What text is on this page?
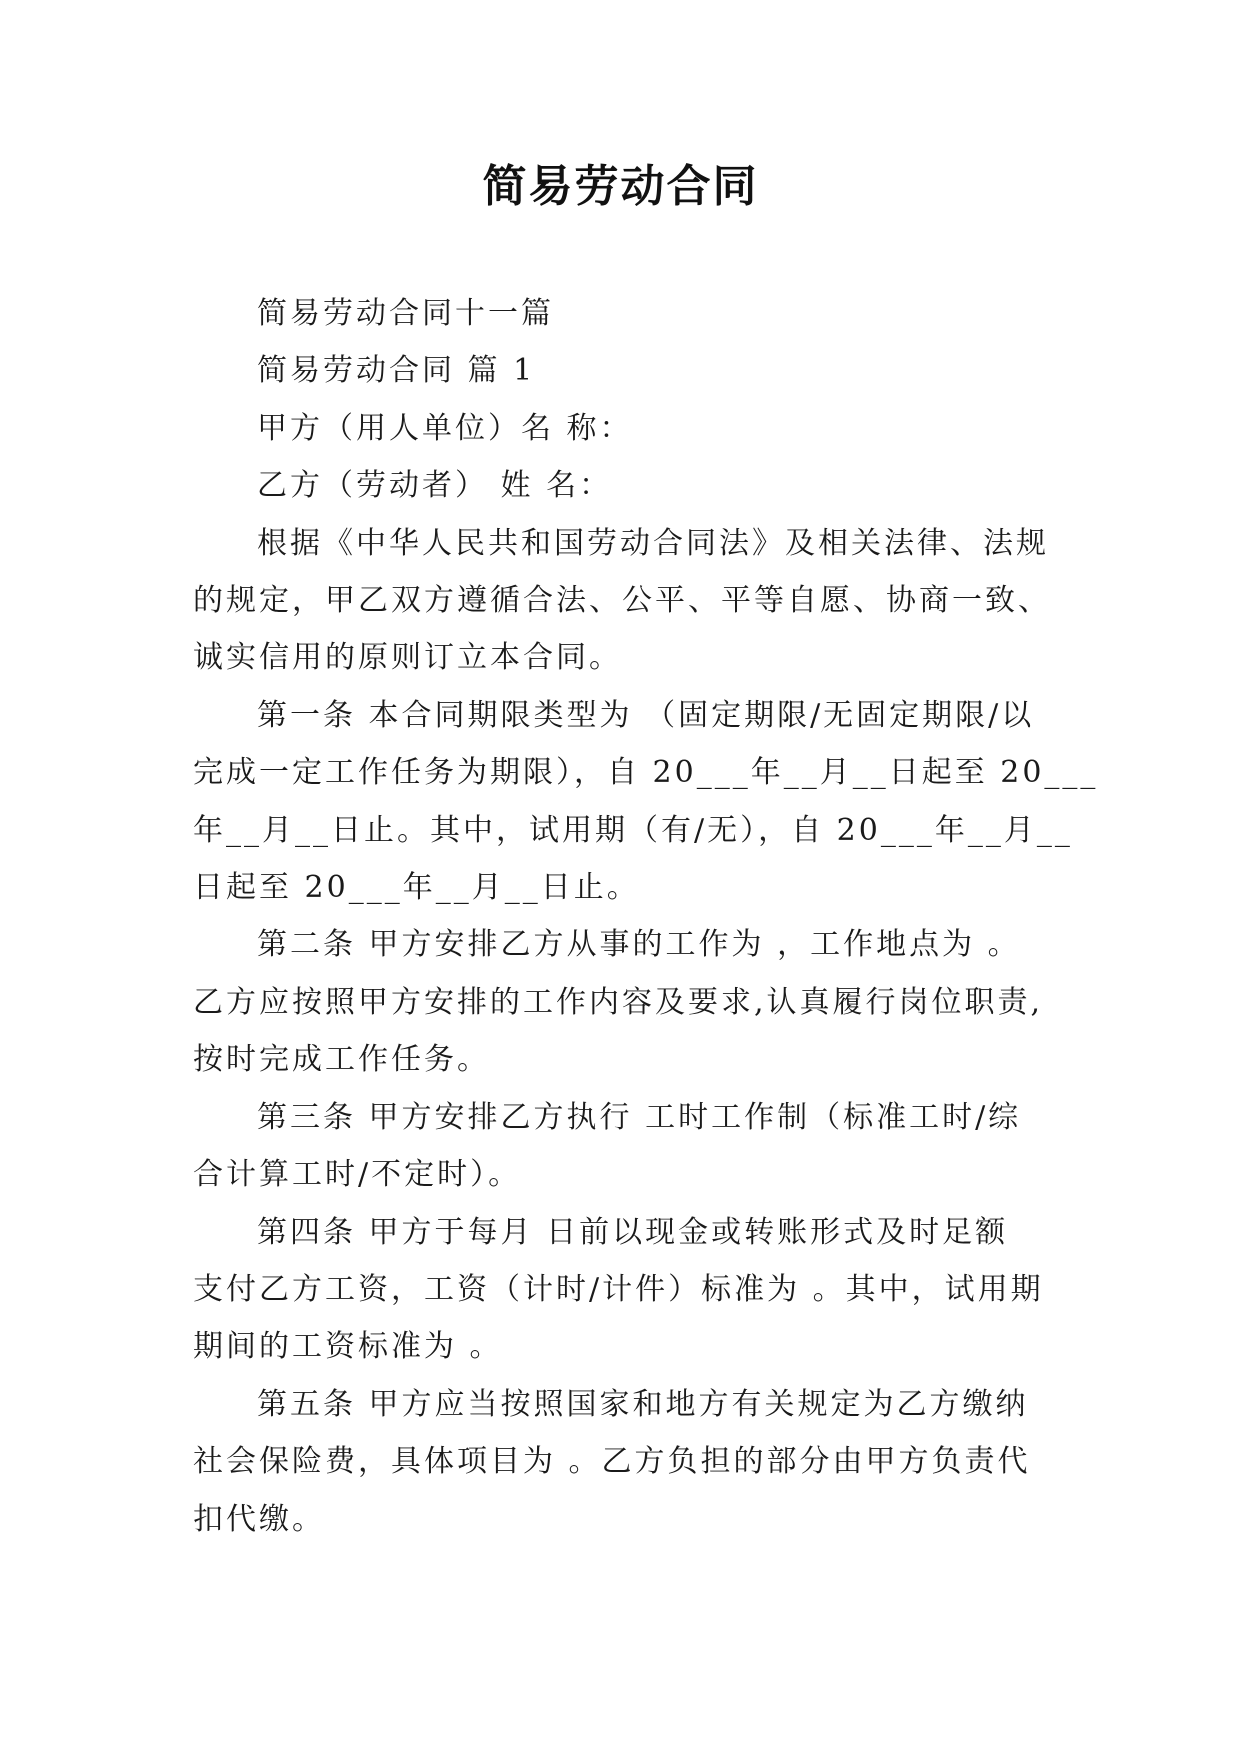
简易劳动合同
简易劳动合同十一篇
简易劳动合同 篇 1
甲方（用人单位）名 称：
乙方（劳动者） 姓 名：
根据《中华人民共和国劳动合同法》及相关法律、法规
的规定，甲乙双方遵循合法、公平、平等自愿、协商一致、
诚实信用的原则订立本合同。
第一条 本合同期限类型为 （固定期限/无固定期限/以
完成一定工作任务为期限），自 20___年__月__日起至 20___
年__月__日止。其中，试用期（有/无），自 20___年__月__
日起至 20___年__月__日止。
第二条 甲方安排乙方从事的工作为 ，工作地点为 。
乙方应按照甲方安排的工作内容及要求,认真履行岗位职责,
按时完成工作任务。
第三条 甲方安排乙方执行 工时工作制（标准工时/综
合计算工时/不定时）。
第四条 甲方于每月 日前以现金或转账形式及时足额
支付乙方工资，工资（计时/计件）标准为 。其中，试用期
期间的工资标准为 。
第五条 甲方应当按照国家和地方有关规定为乙方缴纳
社会保险费，具体项目为 。乙方负担的部分由甲方负责代
扣代缴。
